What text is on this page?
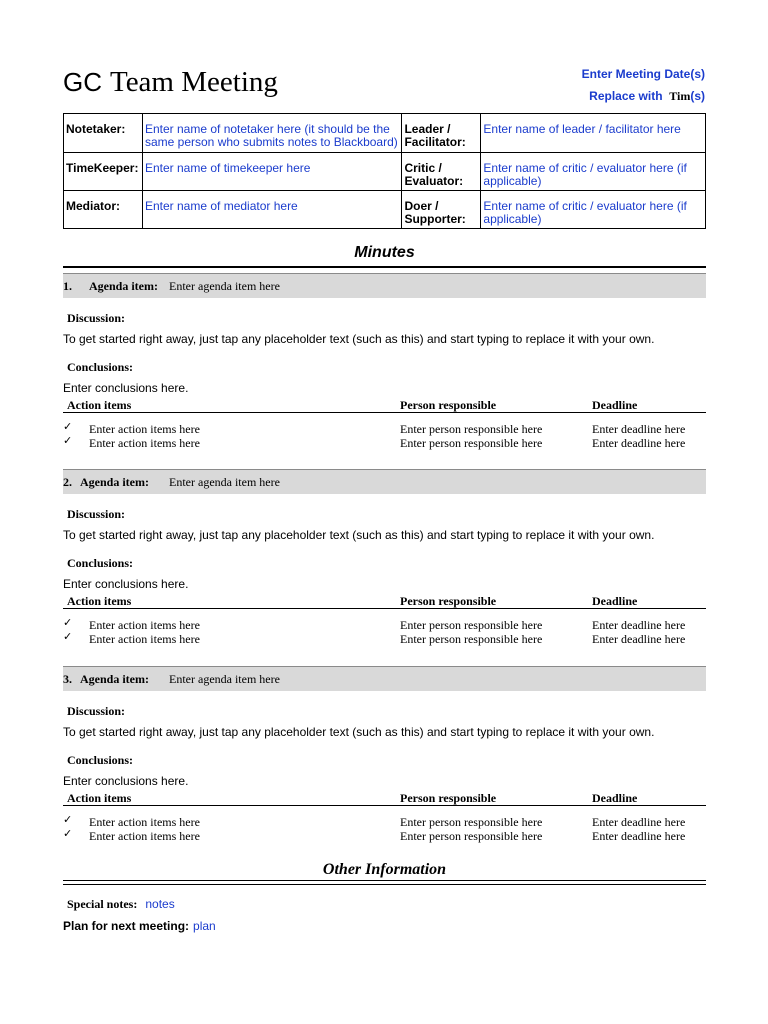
GC Team Meeting	Enter Meeting Date(s)
Replace with Tim(s)
Notetaker:	Enter name of notetaker here (it should be the same person who submits notes to Blackboard)	Leader / Facilitator:	Enter name of leader / facilitator here
TimeKeeper:	Enter name of timekeeper here	Critic / Evaluator:	Enter name of critic / evaluator here (if applicable)
Mediator:	Enter name of mediator here	Doer / Supporter:	Enter name of critic / evaluator here (if applicable)
Minutes
1. Agenda item: Enter agenda item here
Discussion:
To get started right away, just tap any placeholder text (such as this) and start typing to replace it with your own.
Conclusions:
Enter conclusions here.
Action items	Person responsible	Deadline
✓ Enter action items here	Enter person responsible here	Enter deadline here
✓ Enter action items here	Enter person responsible here	Enter deadline here
2. Agenda item: Enter agenda item here
Discussion:
To get started right away, just tap any placeholder text (such as this) and start typing to replace it with your own.
Conclusions:
Enter conclusions here.
Action items	Person responsible	Deadline
✓ Enter action items here	Enter person responsible here	Enter deadline here
✓ Enter action items here	Enter person responsible here	Enter deadline here
3. Agenda item: Enter agenda item here
Discussion:
To get started right away, just tap any placeholder text (such as this) and start typing to replace it with your own.
Conclusions:
Enter conclusions here.
Action items	Person responsible	Deadline
✓ Enter action items here	Enter person responsible here	Enter deadline here
✓ Enter action items here	Enter person responsible here	Enter deadline here
Other Information
Special notes: notes
Plan for next meeting: plan
